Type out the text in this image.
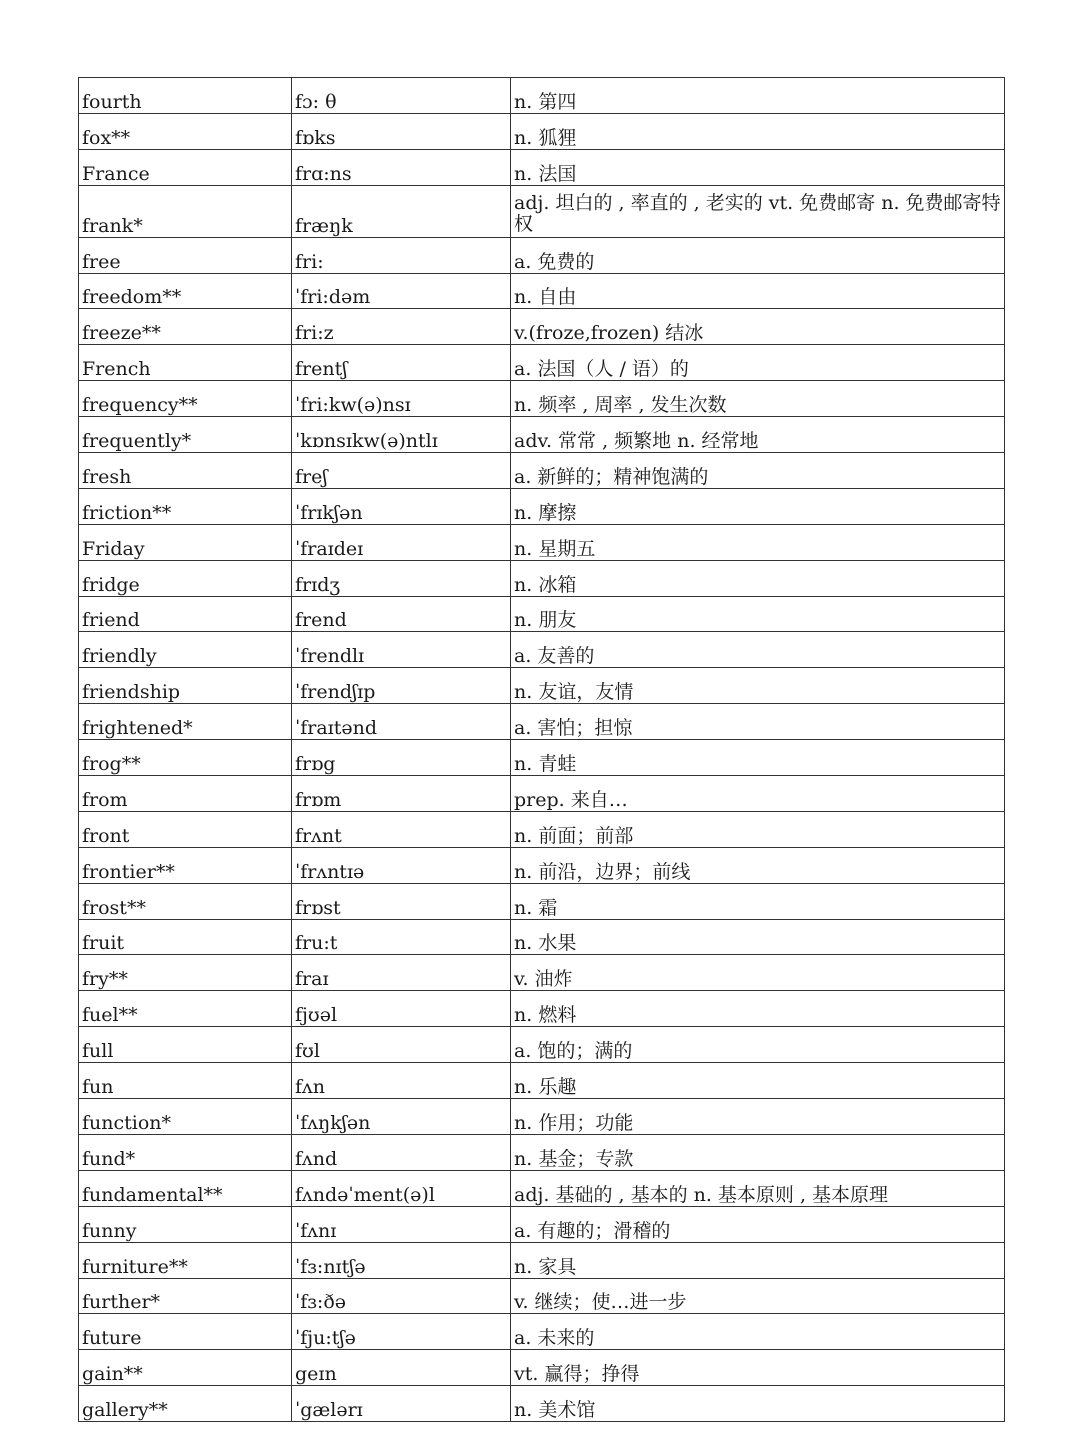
fourth	fɔ: θ	n. 第四
fox**	fɒks	n. 狐狸
France	frɑ:ns	n. 法国
frank*	fræŋk	adj. 坦白的 , 率直的 , 老实的 vt. 免费邮寄 n. 免费邮寄特权
free	fri:	a. 免费的
freedom**	ˈfri:dəm	n. 自由
freeze**	fri:z	v.(froze,frozen) 结冰
French	frentʃ	a. 法国（人 / 语）的
frequency**	ˈfri:kw(ə)nsɪ	n. 频率 , 周率 , 发生次数
frequently*	ˈkɒnsɪkw(ə)ntlɪ	adv. 常常 , 频繁地 n. 经常地
fresh	freʃ	a. 新鲜的；精神饱满的
friction**	ˈfrɪkʃən	n. 摩擦
Friday	ˈfraɪdeɪ	n. 星期五
fridge	frɪdʒ	n. 冰箱
friend	frend	n. 朋友
friendly	ˈfrendlɪ	a. 友善的
friendship	ˈfrendʃɪp	n. 友谊，友情
frightened*	ˈfraɪtənd	a. 害怕；担惊
frog**	frɒg	n. 青蛙
from	frɒm	prep. 来自…
front	frʌnt	n. 前面；前部
frontier**	ˈfrʌntɪə	n. 前沿，边界；前线
frost**	frɒst	n. 霜
fruit	fru:t	n. 水果
fry**	fraɪ	v. 油炸
fuel**	fjʊəl	n. 燃料
full	fʊl	a. 饱的；满的
fun	fʌn	n. 乐趣
function*	ˈfʌŋkʃən	n. 作用；功能
fund*	fʌnd	n. 基金；专款
fundamental**	fʌndəˈment(ə)l	adj. 基础的 , 基本的 n. 基本原则 , 基本原理
funny	ˈfʌnɪ	a. 有趣的；滑稽的
furniture**	ˈfɜ:nɪtʃə	n. 家具
further*	ˈfɜ:ðə	v. 继续；使…进一步
future	ˈfju:tʃə	a. 未来的
gain**	geɪn	vt. 赢得；挣得
gallery**	ˈgælərɪ	n. 美术馆
